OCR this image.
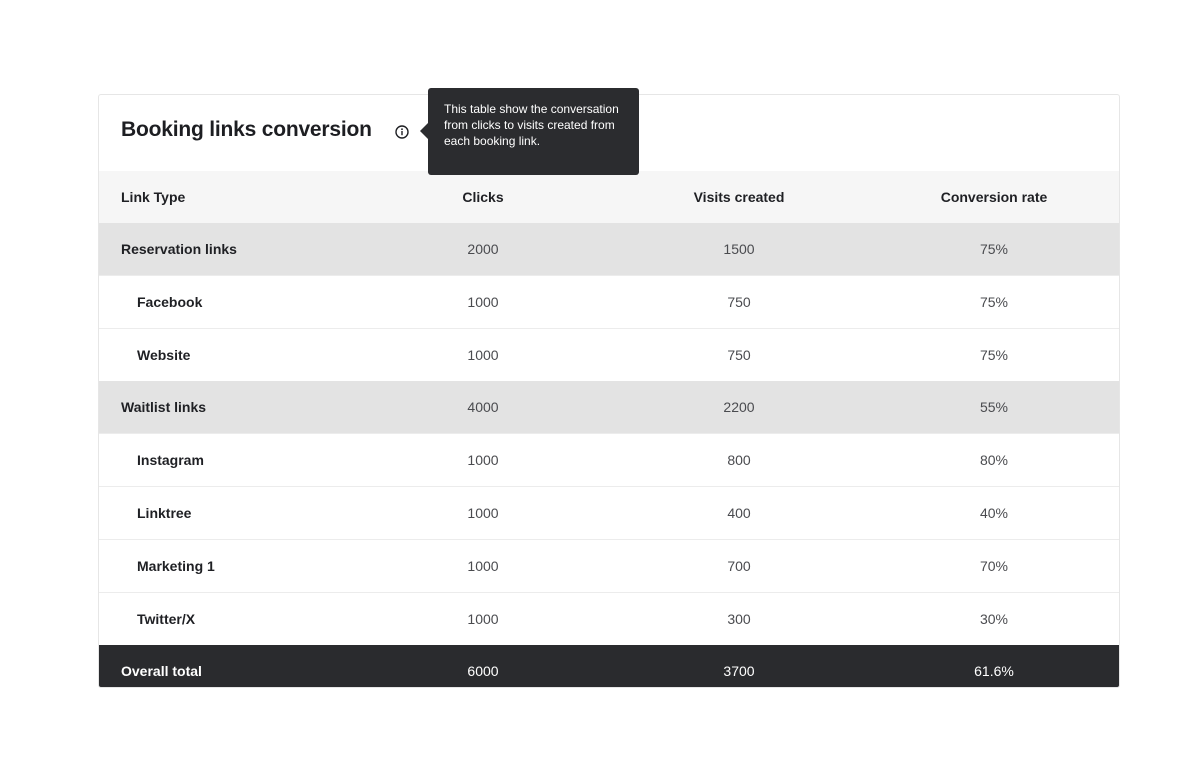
Booking links conversion
Link Type	Clicks	Visits created	Conversion rate
Reservation links	2000	1500	75%
Facebook	1000	750	75%
Website	1000	750	75%
Waitlist links	4000	2200	55%
Instagram	1000	800	80%
Linktree	1000	400	40%
Marketing 1	1000	700	70%
Twitter/X	1000	300	30%
Overall total	6000	3700	61.6%
This table show the conversation from clicks to visits created from each booking link.
